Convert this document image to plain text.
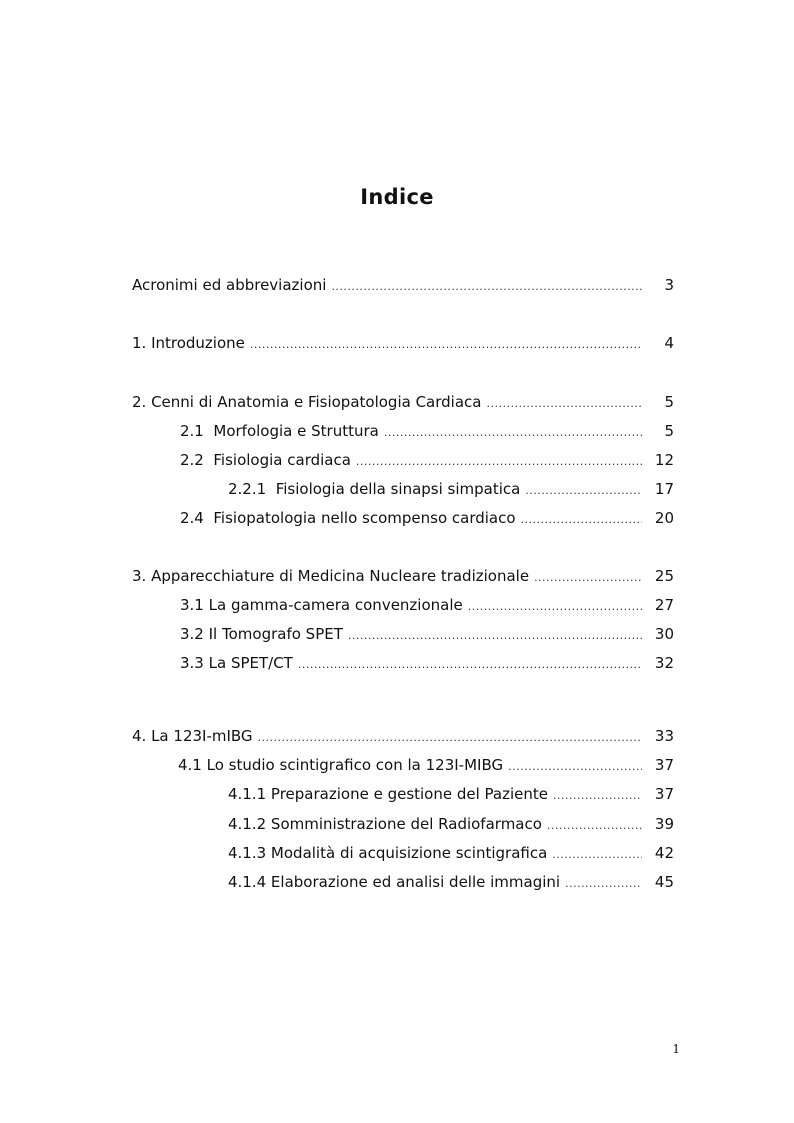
Indice
Acronimi ed abbreviazioni .....	3
1. Introduzione .....	4
2. Cenni di Anatomia e Fisiopatologia Cardiaca .....	5
2.1  Morfologia e Struttura .....	5
2.2  Fisiologia cardiaca .....	12
2.2.1  Fisiologia della sinapsi simpatica .....	17
2.4  Fisiopatologia nello scompenso cardiaco .....	20
3. Apparecchiature di Medicina Nucleare tradizionale .....	25
3.1 La gamma-camera convenzionale .....	27
3.2 Il Tomografo SPET .....	30
3.3 La SPET/CT .....	32
4. La 123I-mIBG .....	33
4.1 Lo studio scintigrafico con la 123I-MIBG .....	37
4.1.1 Preparazione e gestione del Paziente .....	37
4.1.2 Somministrazione del Radiofarmaco .....	39
4.1.3 Modalità di acquisizione scintigrafica .....	42
4.1.4 Elaborazione ed analisi delle immagini .....	45
1
